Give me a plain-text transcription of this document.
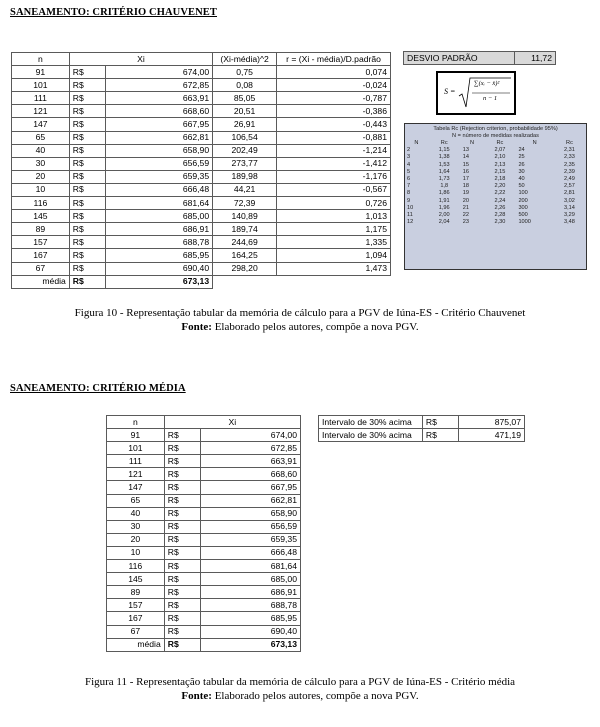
SANEAMENTO: CRITÉRIO CHAUVENET
n	Xi		(Xi-média)^2	r = (Xi - média)/D.padrão
91	R$	674,00	0,75	0,074
101	R$	672,85	0,08	-0,024
111	R$	663,91	85,05	-0,787
121	R$	668,60	20,51	-0,386
147	R$	667,95	26,91	-0,443
65	R$	662,81	106,54	-0,881
40	R$	658,90	202,49	-1,214
30	R$	656,59	273,77	-1,412
20	R$	659,35	189,98	-1,176
10	R$	666,48	44,21	-0,567
116	R$	681,64	72,39	0,726
145	R$	685,00	140,89	1,013
89	R$	686,91	189,74	1,175
157	R$	688,78	244,69	1,335
167	R$	685,95	164,25	1,094
67	R$	690,40	298,20	1,473
média	R$	673,13		
DESVIO PADRÃO	11,72
S =
∑(xᵢ − x̄)²
n − 1
Tabela Rc (Rejection criterion, probabilidade 95%)
N = número de medidas realizadas
N	Rc	N	Rc	N	Rc
2	1,15	13	2,07	24	2,31
3	1,38	14	2,10	25	2,33
4	1,53	15	2,13	26	2,35
5	1,64	16	2,15	30	2,39
6	1,73	17	2,18	40	2,49
7	1,8	18	2,20	50	2,57
8	1,86	19	2,22	100	2,81
9	1,91	20	2,24	200	3,02
10	1,96	21	2,26	300	3,14
11	2,00	22	2,28	500	3,29
12	2,04	23	2,30	1000	3,48
Figura 10 - Representação tabular da memória de cálculo para a PGV de Iúna-ES - Critério Chauvenet
Fonte: Elaborado pelos autores, compõe a nova PGV.
SANEAMENTO: CRITÉRIO MÉDIA
n	Xi	
91	R$	674,00
101	R$	672,85
111	R$	663,91
121	R$	668,60
147	R$	667,95
65	R$	662,81
40	R$	658,90
30	R$	656,59
20	R$	659,35
10	R$	666,48
116	R$	681,64
145	R$	685,00
89	R$	686,91
157	R$	688,78
167	R$	685,95
67	R$	690,40
média	R$	673,13
Intervalo de 30% acima	R$	875,07
Intervalo de 30% acima	R$	471,19
Figura 11 - Representação tabular da memória de cálculo para a PGV de Iúna-ES - Critério média
Fonte: Elaborado pelos autores, compõe a nova PGV.
